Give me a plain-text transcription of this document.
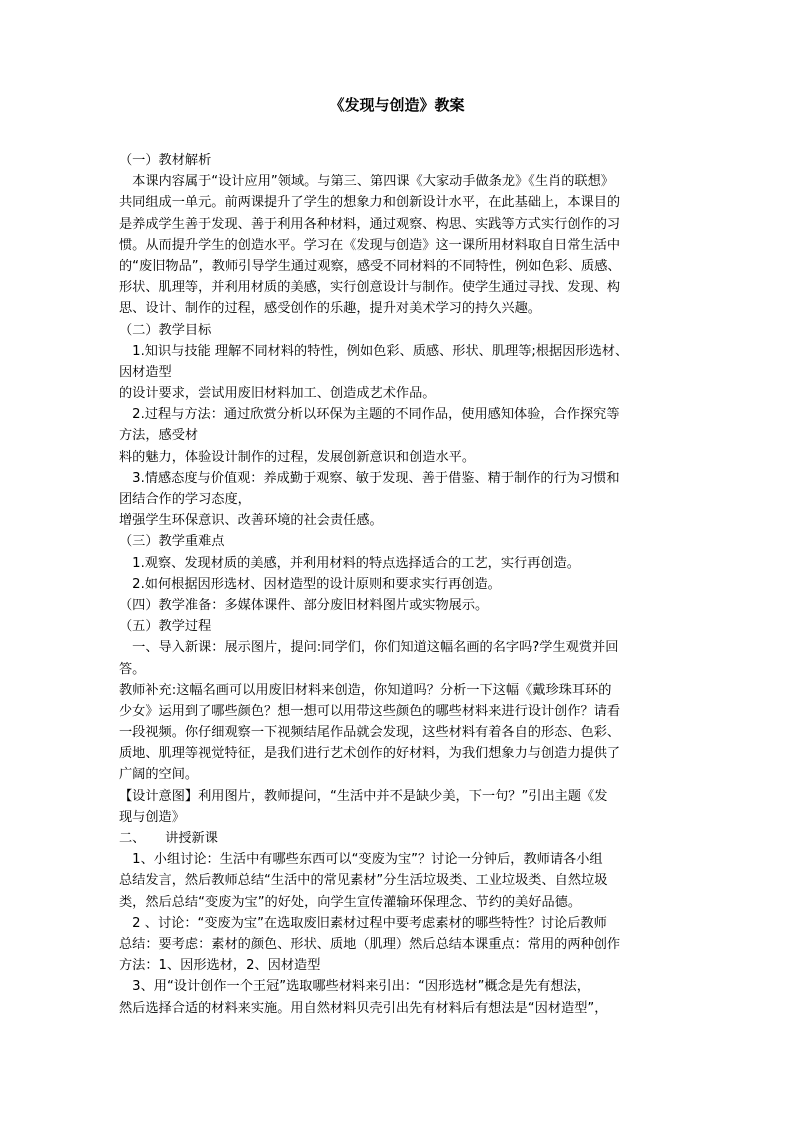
《发现与创造》教案
（一）教材解析
　本课内容属于“设计应用”领域。与第三、第四课《大家动手做条龙》《生肖的联想》
共同组成一单元。前两课提升了学生的想象力和创新设计水平，在此基础上，本课目的
是养成学生善于发现、善于利用各种材料，通过观察、构思、实践等方式实行创作的习
惯。从而提升学生的创造水平。学习在《发现与创造》这一课所用材料取自日常生活中
的“废旧物品”，教师引导学生通过观察，感受不同材料的不同特性，例如色彩、质感、
形状、肌理等，并利用材质的美感，实行创意设计与制作。使学生通过寻找、发现、构
思、设计、制作的过程，感受创作的乐趣，提升对美术学习的持久兴趣。
（二）教学目标
　1.知识与技能 理解不同材料的特性，例如色彩、质感、形状、肌理等;根据因形选材、
因材造型
的设计要求，尝试用废旧材料加工、创造成艺术作品。
　2.过程与方法：通过欣赏分析以环保为主题的不同作品，使用感知体验，合作探究等
方法，感受材
料的魅力，体验设计制作的过程，发展创新意识和创造水平。
　3.情感态度与价值观：养成勤于观察、敏于发现、善于借鉴、精于制作的行为习惯和
团结合作的学习态度，
增强学生环保意识、改善环境的社会责任感。
（三）教学重难点
　1.观察、发现材质的美感，并利用材料的特点选择适合的工艺，实行再创造。
　2.如何根据因形选材、因材造型的设计原则和要求实行再创造。
（四）教学准备：多媒体课件、部分废旧材料图片或实物展示。
（五）教学过程
　一、导入新课：展示图片，提问:同学们，你们知道这幅名画的名字吗?学生观赏并回
答。
教师补充:这幅名画可以用废旧材料来创造，你知道吗？分析一下这幅《戴珍珠耳环的
少女》运用到了哪些颜色？想一想可以用带这些颜色的哪些材料来进行设计创作？请看
一段视频。你仔细观察一下视频结尾作品就会发现，这些材料有着各自的形态、色彩、
质地、肌理等视觉特征，是我们进行艺术创作的好材料，为我们想象力与创造力提供了
广阔的空间。
【设计意图】利用图片，教师提问，“生活中并不是缺少美，下一句？”引出主题《发
现与创造》
二、　　讲授新课
　1、小组讨论：生活中有哪些东西可以“变废为宝”？讨论一分钟后，教师请各小组
总结发言，然后教师总结“生活中的常见素材”分生活垃圾类、工业垃圾类、自然垃圾
类，然后总结“变废为宝”的好处，向学生宣传灌输环保理念、节约的美好品德。
　2 、讨论：“变废为宝”在选取废旧素材过程中要考虑素材的哪些特性？讨论后教师
总结：要考虑：素材的颜色、形状、质地（肌理）然后总结本课重点：常用的两种创作
方法：1、因形选材，2、因材造型
　3、用“设计创作一个王冠”选取哪些材料来引出：“因形选材”概念是先有想法，
然后选择合适的材料来实施。用自然材料贝壳引出先有材料后有想法是“因材造型”，
